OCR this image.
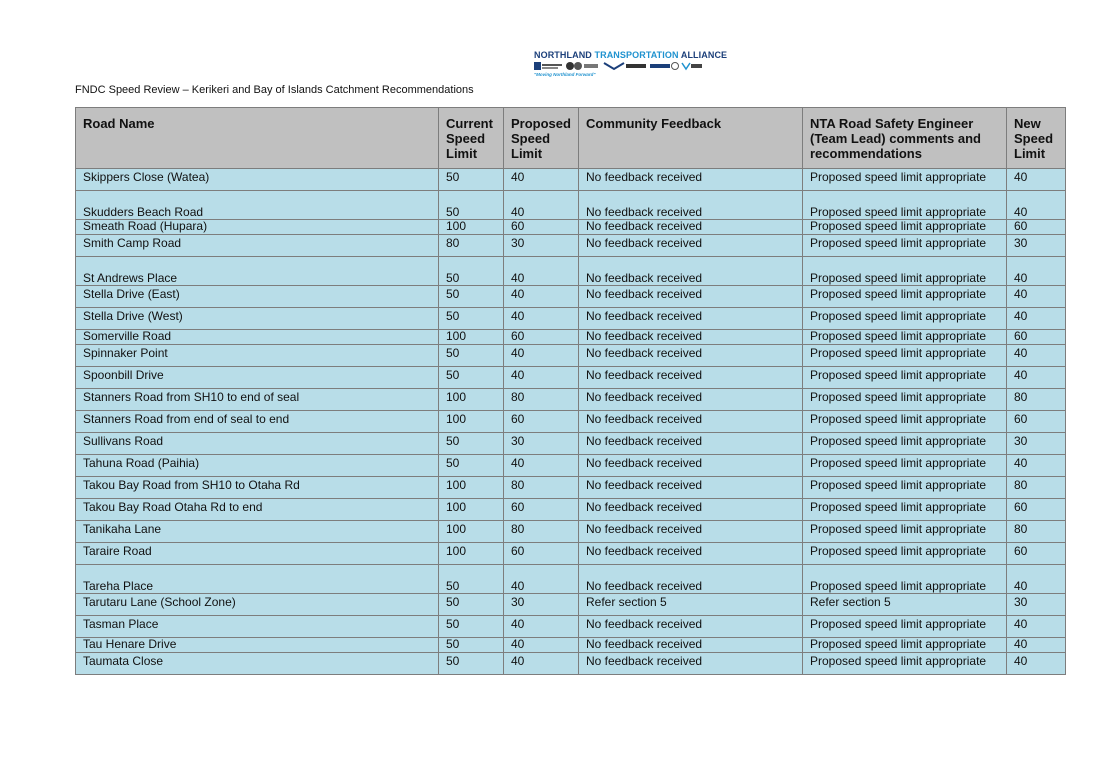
NORTHLAND TRANSPORTATION ALLIANCE
"Moving Northland Forward"
FNDC Speed Review – Kerikeri and Bay of Islands Catchment Recommendations
Road Name	Current Speed Limit	Proposed Speed Limit	Community Feedback	NTA Road Safety Engineer (Team Lead) comments and recommendations	New Speed Limit
Skippers Close (Watea)	50	40	No feedback received	Proposed speed limit appropriate	40
Skudders Beach Road	50	40	No feedback received	Proposed speed limit appropriate	40
Smeath Road (Hupara)	100	60	No feedback received	Proposed speed limit appropriate	60
Smith Camp Road	80	30	No feedback received	Proposed speed limit appropriate	30
St Andrews Place	50	40	No feedback received	Proposed speed limit appropriate	40
Stella Drive (East)	50	40	No feedback received	Proposed speed limit appropriate	40
Stella Drive (West)	50	40	No feedback received	Proposed speed limit appropriate	40
Somerville Road	100	60	No feedback received	Proposed speed limit appropriate	60
Spinnaker Point	50	40	No feedback received	Proposed speed limit appropriate	40
Spoonbill Drive	50	40	No feedback received	Proposed speed limit appropriate	40
Stanners Road from SH10 to end of seal	100	80	No feedback received	Proposed speed limit appropriate	80
Stanners Road from end of seal to end	100	60	No feedback received	Proposed speed limit appropriate	60
Sullivans Road	50	30	No feedback received	Proposed speed limit appropriate	30
Tahuna Road (Paihia)	50	40	No feedback received	Proposed speed limit appropriate	40
Takou Bay Road from SH10 to Otaha Rd	100	80	No feedback received	Proposed speed limit appropriate	80
Takou Bay Road Otaha Rd to end	100	60	No feedback received	Proposed speed limit appropriate	60
Tanikaha Lane	100	80	No feedback received	Proposed speed limit appropriate	80
Taraire Road	100	60	No feedback received	Proposed speed limit appropriate	60
Tareha Place	50	40	No feedback received	Proposed speed limit appropriate	40
Tarutaru Lane (School Zone)	50	30	Refer section 5	Refer section 5	30
Tasman Place	50	40	No feedback received	Proposed speed limit appropriate	40
Tau Henare Drive	50	40	No feedback received	Proposed speed limit appropriate	40
Taumata Close	50	40	No feedback received	Proposed speed limit appropriate	40
